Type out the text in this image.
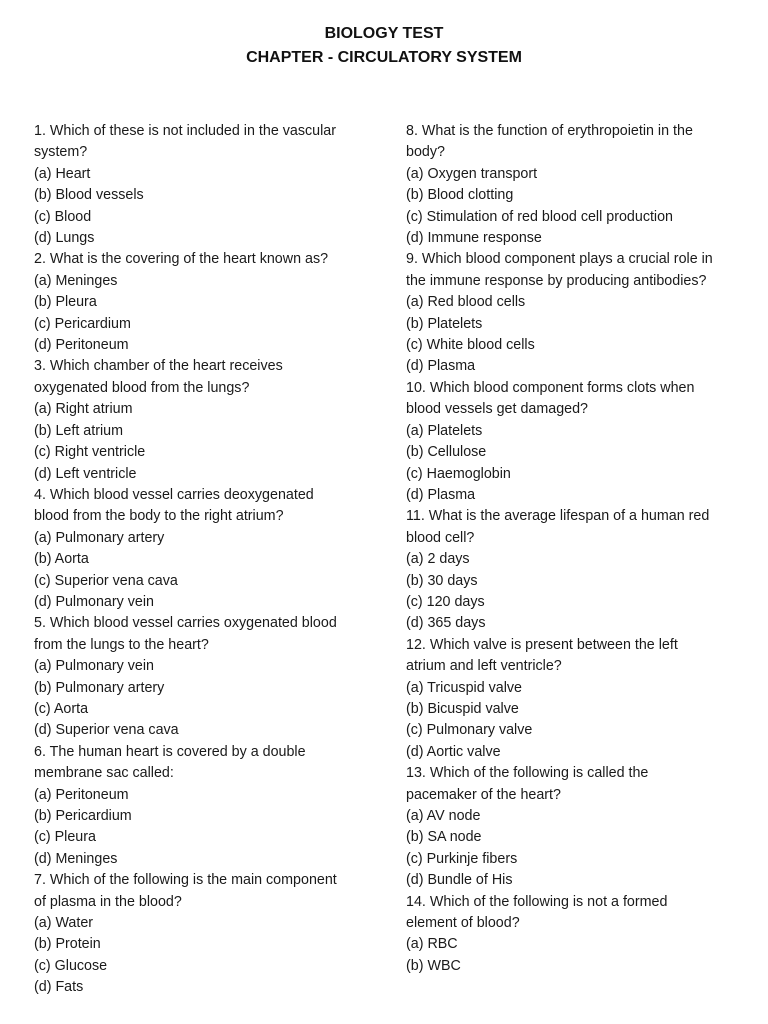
BIOLOGY TEST
CHAPTER - CIRCULATORY SYSTEM
1. Which of these is not included in the vascular
system?
(a) Heart
(b) Blood vessels
(c) Blood
(d) Lungs
2. What is the covering of the heart known as?
(a) Meninges
(b) Pleura
(c) Pericardium
(d) Peritoneum
3. Which chamber of the heart receives
oxygenated blood from the lungs?
(a) Right atrium
(b) Left atrium
(c) Right ventricle
(d) Left ventricle
4. Which blood vessel carries deoxygenated
blood from the body to the right atrium?
(a) Pulmonary artery
(b) Aorta
(c) Superior vena cava
(d) Pulmonary vein
5. Which blood vessel carries oxygenated blood
from the lungs to the heart?
(a) Pulmonary vein
(b) Pulmonary artery
(c) Aorta
(d) Superior vena cava
6. The human heart is covered by a double
membrane sac called:
(a) Peritoneum
(b) Pericardium
(c) Pleura
(d) Meninges
7. Which of the following is the main component
of plasma in the blood?
(a) Water
(b) Protein
(c) Glucose
(d) Fats
8. What is the function of erythropoietin in the
body?
(a) Oxygen transport
(b) Blood clotting
(c) Stimulation of red blood cell production
(d) Immune response
9. Which blood component plays a crucial role in
the immune response by producing antibodies?
(a) Red blood cells
(b) Platelets
(c) White blood cells
(d) Plasma
10. Which blood component forms clots when
blood vessels get damaged?
(a) Platelets
(b) Cellulose
(c) Haemoglobin
(d) Plasma
11. What is the average lifespan of a human red
blood cell?
(a) 2 days
(b) 30 days
(c) 120 days
(d) 365 days
12. Which valve is present between the left
atrium and left ventricle?
(a) Tricuspid valve
(b) Bicuspid valve
(c) Pulmonary valve
(d) Aortic valve
13. Which of the following is called the
pacemaker of the heart?
(a) AV node
(b) SA node
(c) Purkinje fibers
(d) Bundle of His
14. Which of the following is not a formed
element of blood?
(a) RBC
(b) WBC
